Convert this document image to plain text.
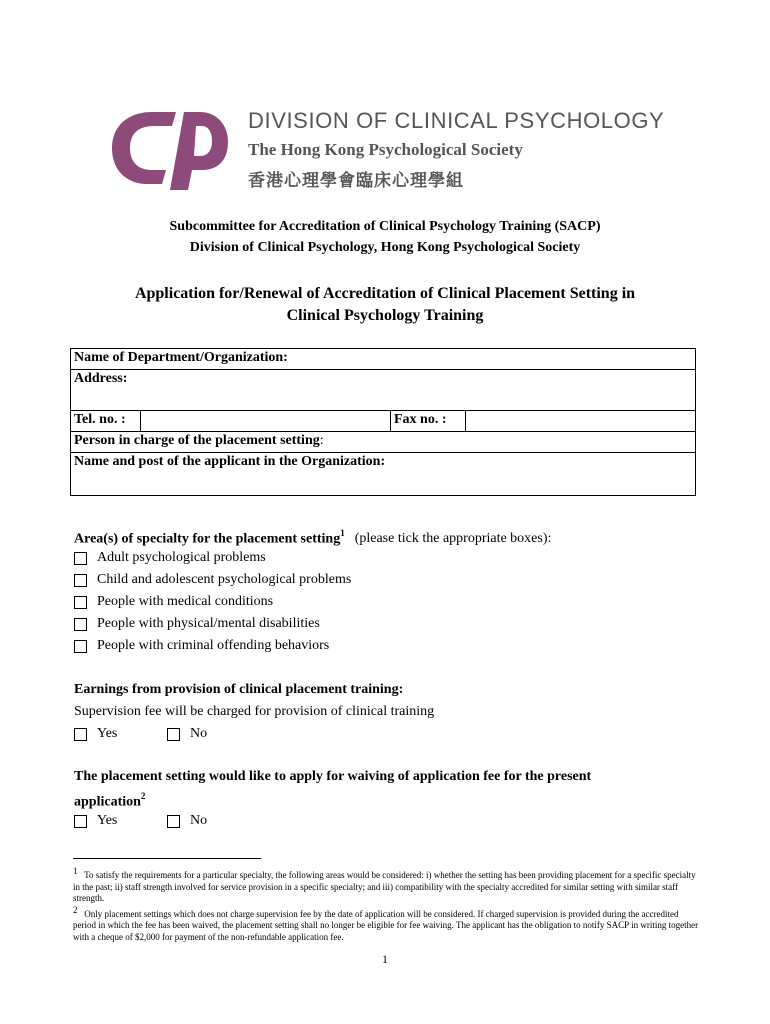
DIVISION OF CLINICAL PSYCHOLOGY
The Hong Kong Psychological Society
香港心理學會臨床心理學組
Subcommittee for Accreditation of Clinical Psychology Training (SACP)
Division of Clinical Psychology, Hong Kong Psychological Society
Application for/Renewal of Accreditation of Clinical Placement Setting in
Clinical Psychology Training
Name of Department/Organization:
Address:
Tel. no. :		Fax no. :	
Person in charge of the placement setting:
Name and post of the applicant in the Organization:
Area(s) of specialty for the placement setting$^1$ (please tick the appropriate boxes):
Adult psychological problems
Child and adolescent psychological problems
People with medical conditions
People with physical/mental disabilities
People with criminal offending behaviors
Earnings from provision of clinical placement training:
Supervision fee will be charged for provision of clinical training
Yes	No
The placement setting would like to apply for waiving of application fee for the present
application$^2$
Yes	No
$^1$ To satisfy the requirements for a particular specialty, the following areas would be considered: i) whether the setting has been providing placement for a specific specialty in the past; ii) staff strength involved for service provision in a specific specialty; and iii) compatibility with the specialty accredited for similar setting with similar staff strength.
$^2$ Only placement settings which does not charge supervision fee by the date of application will be considered. If charged supervision is provided during the accredited period in which the fee has been waived, the placement setting shall no longer be eligible for fee waiving. The applicant has the obligation to notify SACP in writing together with a cheque of $2,000 for payment of the non-refundable application fee.
1
